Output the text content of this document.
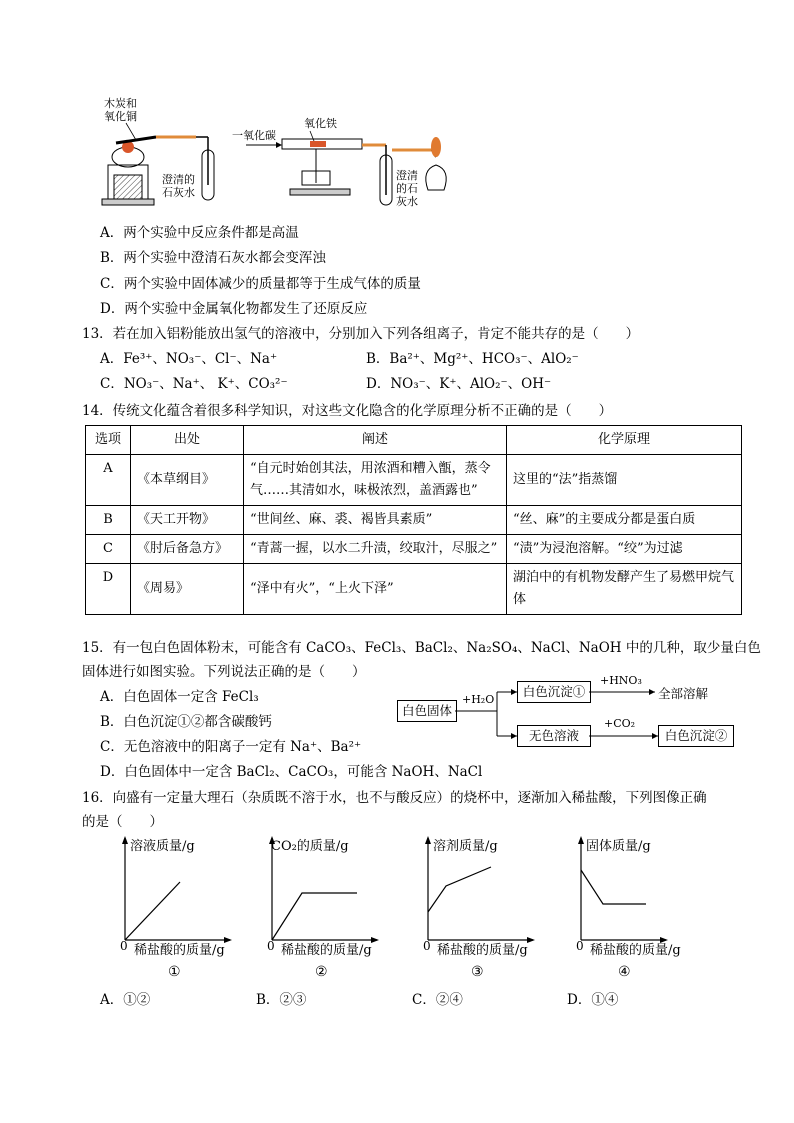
木炭和
氧化铜
澄清的
石灰水
一氧化碳
氧化铁
澄清
的石
灰水
A．两个实验中反应条件都是高温
B．两个实验中澄清石灰水都会变浑浊
C．两个实验中固体减少的质量都等于生成气体的质量
D．两个实验中金属氧化物都发生了还原反应
13．若在加入铝粉能放出氢气的溶液中，分别加入下列各组离子，肯定不能共存的是（　　）
A．Fe³⁺、NO₃⁻、Cl⁻、Na⁺	B．Ba²⁺、Mg²⁺、HCO₃⁻、AlO₂⁻
C．NO₃⁻、Na⁺、 K⁺、CO₃²⁻	D．NO₃⁻、K⁺、AlO₂⁻、OH⁻
14．传统文化蕴含着很多科学知识，对这些文化隐含的化学原理分析不正确的是（　　）
选项	出处	阐述	化学原理
A	《本草纲目》	“自元时始创其法，用浓酒和糟入甑，蒸令气……其清如水，味极浓烈，盖酒露也”	这里的“法”指蒸馏
B	《天工开物》	“世间丝、麻、裘、褐皆具素质”	“丝、麻”的主要成分都是蛋白质
C	《肘后备急方》	“青蒿一握，以水二升渍，绞取汁，尽服之”	“渍”为浸泡溶解。“绞”为过滤
D	《周易》	“泽中有火”，“上火下泽”	湖泊中的有机物发酵产生了易燃甲烷气体
15．有一包白色固体粉末，可能含有 CaCO₃、FeCl₃、BaCl₂、Na₂SO₄、NaCl、NaOH 中的几种，取少量白色
固体进行如图实验。下列说法正确的是（　　）
A．白色固体一定含 FeCl₃
B．白色沉淀①②都含碳酸钙
C．无色溶液中的阳离子一定有 Na⁺、Ba²⁺
D．白色固体中一定含 BaCl₂、CaCO₃，可能含 NaOH、NaCl
白色固体
白色沉淀①
无色溶液	白色沉淀②
+H₂O
+HNO₃
全部溶解
+CO₂
16．向盛有一定量大理石（杂质既不溶于水，也不与酸反应）的烧杯中，逐渐加入稀盐酸，下列图像正确
的是（　　）
溶液质量/g
0 稀盐酸的质量/g
①
CO₂的质量/g
0 稀盐酸的质量/g
②
溶剂质量/g
0 稀盐酸的质量/g
③
固体质量/g
0 稀盐酸的质量/g
④
A．①②	B．②③	C．②④	D．①④
